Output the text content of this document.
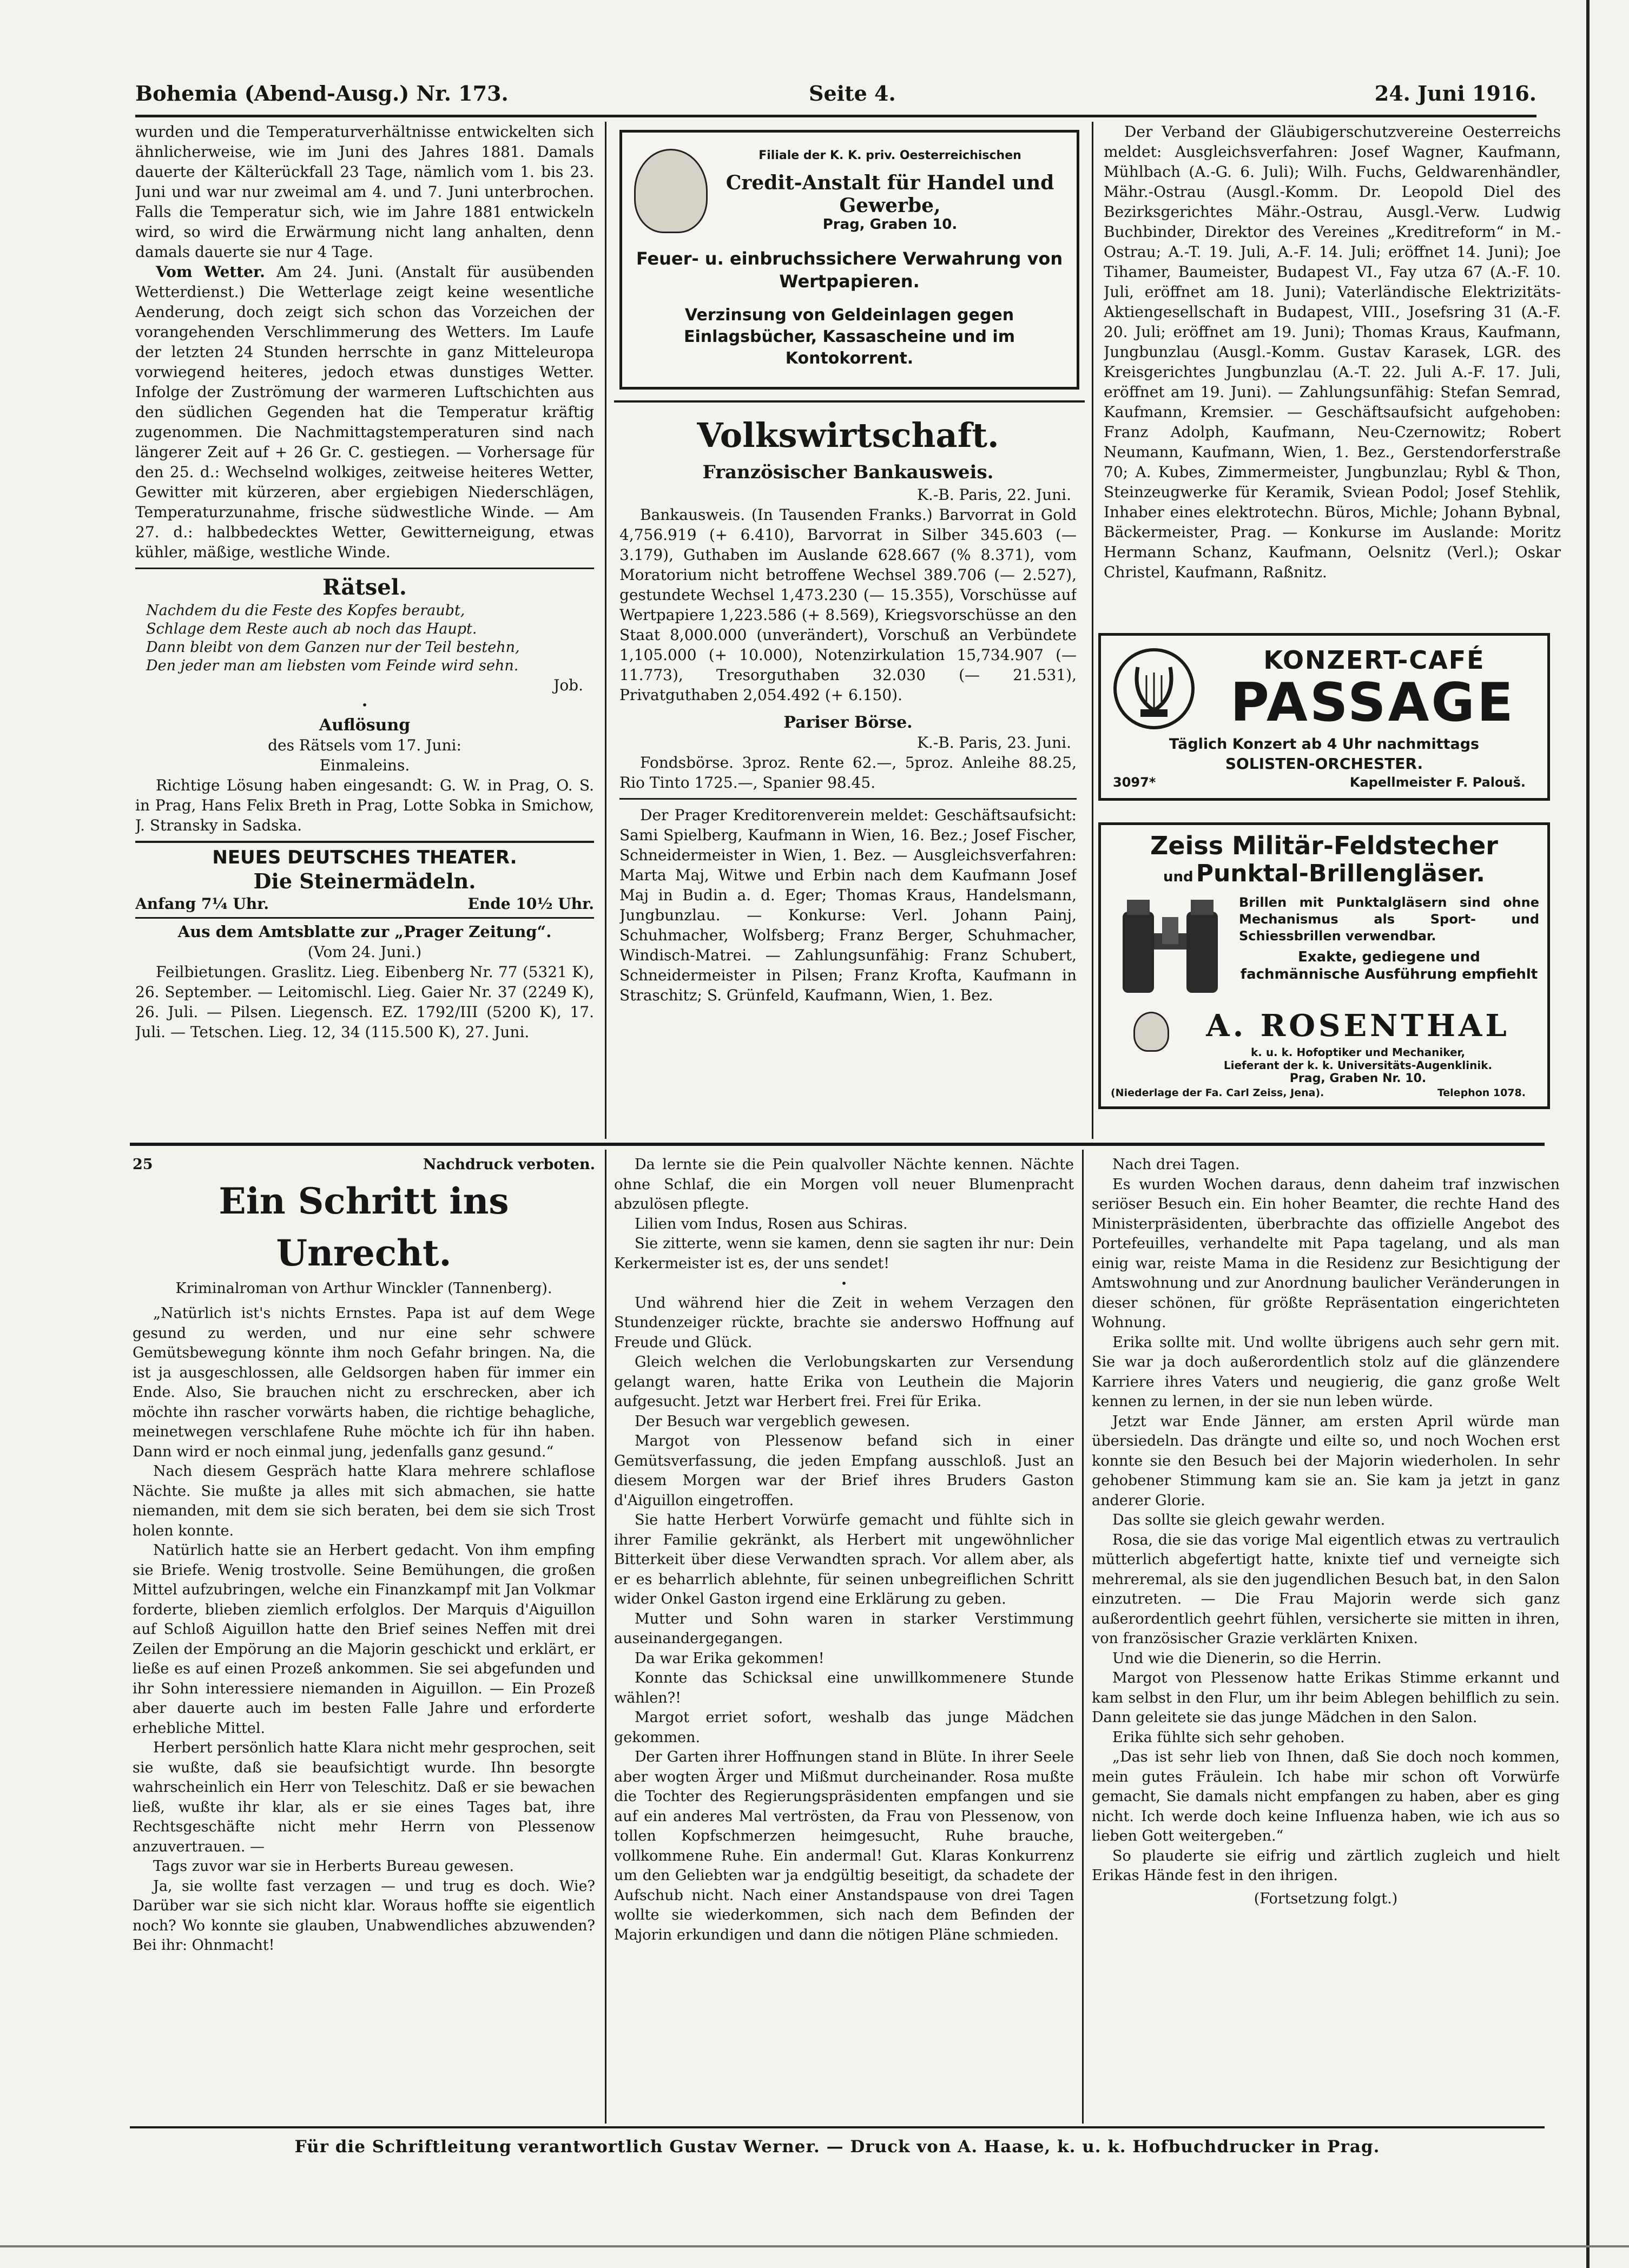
Bohemia (Abend-Ausg.) Nr. 173.	Seite 4.	24. Juni 1916.

wurden und die Temperaturverhältnisse entwickelten sich ähnlicherweise, wie im Juni des Jahres 1881. Damals dauerte der Kälterückfall 23 Tage, nämlich vom 1. bis 23. Juni und war nur zweimal am 4. und 7. Juni unterbrochen. Falls die Temperatur sich, wie im Jahre 1881 entwickeln wird, so wird die Erwärmung nicht lang anhalten, denn damals dauerte sie nur 4 Tage.

Vom Wetter. Am 24. Juni. (Anstalt für ausübenden Wetterdienst.) Die Wetterlage zeigt keine wesentliche Aenderung, doch zeigt sich schon das Vorzeichen der vorangehenden Verschlimmerung des Wetters. Im Laufe der letzten 24 Stunden herrschte in ganz Mitteleuropa vorwiegend heiteres, jedoch etwas dunstiges Wetter. Infolge der Zuströmung der warmeren Luftschichten aus den südlichen Gegenden hat die Temperatur kräftig zugenommen. Die Nachmittagstemperaturen sind nach längerer Zeit auf + 26 Gr. C. gestiegen. — Vorhersage für den 25. d.: Wechselnd wolkiges, zeitweise heiteres Wetter, Gewitter mit kürzeren, aber ergiebigen Niederschlägen, Temperaturzunahme, frische südwestliche Winde. — Am 27. d.: halbbedecktes Wetter, Gewitterneigung, etwas kühler, mäßige, westliche Winde.

Rätsel.
Nachdem du die Feste des Kopfes beraubt,
Schlage dem Reste auch ab noch das Haupt.
Dann bleibt von dem Ganzen nur der Teil bestehn,
Den jeder man am liebsten vom Feinde wird sehn.
Job.
•
Auflösung
des Rätsels vom 17. Juni:
Einmaleins.

Richtige Lösung haben eingesandt: G. W. in Prag, O. S. in Prag, Hans Felix Breth in Prag, Lotte Sobka in Smichow, J. Stransky in Sadska.

NEUES DEUTSCHES THEATER.
Die Steinermädeln.
Anfang 7¼ Uhr.	Ende 10½ Uhr.
Aus dem Amtsblatte zur „Prager Zeitung“.
(Vom 24. Juni.)

Feilbietungen. Graslitz. Lieg. Eibenberg Nr. 77 (5321 K), 26. September. — Leitomischl. Lieg. Gaier Nr. 37 (2249 K), 26. Juli. — Pilsen. Liegensch. EZ. 1792/III (5200 K), 17. Juli. — Tetschen. Lieg. 12, 34 (115.500 K), 27. Juni.

Filiale der K. K. priv. Oesterreichischen
Credit-Anstalt für Handel und Gewerbe,
Prag, Graben 10.
Feuer- u. einbruchssichere Verwahrung von Wertpapieren.
Verzinsung von Geldeinlagen gegen Einlagsbücher, Kassascheine und im Kontokorrent.
Volkswirtschaft.
Französischer Bankausweis.
K.-B. Paris, 22. Juni.

Bankausweis. (In Tausenden Franks.) Barvorrat in Gold 4,756.919 (+ 6.410), Barvorrat in Silber 345.603 (— 3.179), Guthaben im Auslande 628.667 (% 8.371), vom Moratorium nicht betroffene Wechsel 389.706 (— 2.527), gestundete Wechsel 1,473.230 (— 15.355), Vorschüsse auf Wertpapiere 1,223.586 (+ 8.569), Kriegsvorschüsse an den Staat 8,000.000 (unverändert), Vorschuß an Verbündete 1,105.000 (+ 10.000), Notenzirkulation 15,734.907 (— 11.773), Tresorguthaben 32.030 (— 21.531), Privatguthaben 2,054.492 (+ 6.150).

Pariser Börse.
K.-B. Paris, 23. Juni.

Fondsbörse. 3proz. Rente 62.—, 5proz. Anleihe 88.25, Rio Tinto 1725.—, Spanier 98.45.

Der Prager Kreditorenverein meldet: Geschäftsaufsicht: Sami Spielberg, Kaufmann in Wien, 16. Bez.; Josef Fischer, Schneidermeister in Wien, 1. Bez. — Ausgleichsverfahren: Marta Maj, Witwe und Erbin nach dem Kaufmann Josef Maj in Budin a. d. Eger; Thomas Kraus, Handelsmann, Jungbunzlau. — Konkurse: Verl. Johann Painj, Schuhmacher, Wolfsberg; Franz Berger, Schuhmacher, Windisch-Matrei. — Zahlungsunfähig: Franz Schubert, Schneidermeister in Pilsen; Franz Krofta, Kaufmann in Straschitz; S. Grünfeld, Kaufmann, Wien, 1. Bez.

Der Verband der Gläubigerschutzvereine Oesterreichs meldet: Ausgleichsverfahren: Josef Wagner, Kaufmann, Mühlbach (A.-G. 6. Juli); Wilh. Fuchs, Geldwarenhändler, Mähr.-Ostrau (Ausgl.-Komm. Dr. Leopold Diel des Bezirksgerichtes Mähr.-Ostrau, Ausgl.-Verw. Ludwig Buchbinder, Direktor des Vereines „Kreditreform“ in M.-Ostrau; A.-T. 19. Juli, A.-F. 14. Juli; eröffnet 14. Juni); Joe Tihamer, Baumeister, Budapest VI., Fay utza 67 (A.-F. 10. Juli, eröffnet am 18. Juni); Vaterländische Elektrizitäts-Aktiengesellschaft in Budapest, VIII., Josefsring 31 (A.-F. 20. Juli; eröffnet am 19. Juni); Thomas Kraus, Kaufmann, Jungbunzlau (Ausgl.-Komm. Gustav Karasek, LGR. des Kreisgerichtes Jungbunzlau (A.-T. 22. Juli A.-F. 17. Juli, eröffnet am 19. Juni). — Zahlungsunfähig: Stefan Semrad, Kaufmann, Kremsier. — Geschäftsaufsicht aufgehoben: Franz Adolph, Kaufmann, Neu-Czernowitz; Robert Neumann, Kaufmann, Wien, 1. Bez., Gerstendorferstraße 70; A. Kubes, Zimmermeister, Jungbunzlau; Rybl & Thon, Steinzeugwerke für Keramik, Sviean Podol; Josef Stehlik, Inhaber eines elektrotechn. Büros, Michle; Johann Bybnal, Bäckermeister, Prag. — Konkurse im Auslande: Moritz Hermann Schanz, Kaufmann, Oelsnitz (Verl.); Oskar Christel, Kaufmann, Raßnitz.

KONZERT-CAFÉ
PASSAGE
Täglich Konzert ab 4 Uhr nachmittags
SOLISTEN-ORCHESTER.
3097*	Kapellmeister F. Palouš.
Zeiss Militär-Feldstecher
und Punktal-Brillengläser.
Brillen mit Punktalgläsern sind ohne Mechanismus als Sport- und Schiessbrillen verwendbar.
Exakte, gediegene und fachmännische Ausführung empfiehlt
A. ROSENTHAL
k. u. k. Hofoptiker und Mechaniker,
Lieferant der k. k. Universitäts-Augenklinik.
Prag, Graben Nr. 10.
(Niederlage der Fa. Carl Zeiss, Jena).	Telephon 1078.
25	Nachdruck verboten.
Ein Schritt ins Unrecht.
Kriminalroman von Arthur Winckler (Tannenberg).

„Natürlich ist's nichts Ernstes. Papa ist auf dem Wege gesund zu werden, und nur eine sehr schwere Gemütsbewegung könnte ihm noch Gefahr bringen. Na, die ist ja ausgeschlossen, alle Geldsorgen haben für immer ein Ende. Also, Sie brauchen nicht zu erschrecken, aber ich möchte ihn rascher vorwärts haben, die richtige behagliche, meinetwegen verschlafene Ruhe möchte ich für ihn haben. Dann wird er noch einmal jung, jedenfalls ganz gesund.“

Nach diesem Gespräch hatte Klara mehrere schlaflose Nächte. Sie mußte ja alles mit sich abmachen, sie hatte niemanden, mit dem sie sich beraten, bei dem sie sich Trost holen konnte.

Natürlich hatte sie an Herbert gedacht. Von ihm empfing sie Briefe. Wenig trostvolle. Seine Bemühungen, die großen Mittel aufzubringen, welche ein Finanzkampf mit Jan Volkmar forderte, blieben ziemlich erfolglos. Der Marquis d'Aiguillon auf Schloß Aiguillon hatte den Brief seines Neffen mit drei Zeilen der Empörung an die Majorin geschickt und erklärt, er ließe es auf einen Prozeß ankommen. Sie sei abgefunden und ihr Sohn interessiere niemanden in Aiguillon. — Ein Prozeß aber dauerte auch im besten Falle Jahre und erforderte erhebliche Mittel.

Herbert persönlich hatte Klara nicht mehr gesprochen, seit sie wußte, daß sie beaufsichtigt wurde. Ihn besorgte wahrscheinlich ein Herr von Teleschitz. Daß er sie bewachen ließ, wußte ihr klar, als er sie eines Tages bat, ihre Rechtsgeschäfte nicht mehr Herrn von Plessenow anzuvertrauen. —

Tags zuvor war sie in Herberts Bureau gewesen.

Ja, sie wollte fast verzagen — und trug es doch. Wie? Darüber war sie sich nicht klar. Woraus hoffte sie eigentlich noch? Wo konnte sie glauben, Unabwendliches abzuwenden? Bei ihr: Ohnmacht!

Da lernte sie die Pein qualvoller Nächte kennen. Nächte ohne Schlaf, die ein Morgen voll neuer Blumenpracht abzulösen pflegte.

Lilien vom Indus, Rosen aus Schiras.

Sie zitterte, wenn sie kamen, denn sie sagten ihr nur: Dein Kerkermeister ist es, der uns sendet!

•

Und während hier die Zeit in wehem Verzagen den Stundenzeiger rückte, brachte sie anderswo Hoffnung auf Freude und Glück.

Gleich welchen die Verlobungskarten zur Versendung gelangt waren, hatte Erika von Leuthein die Majorin aufgesucht. Jetzt war Herbert frei. Frei für Erika.

Der Besuch war vergeblich gewesen.

Margot von Plessenow befand sich in einer Gemütsverfassung, die jeden Empfang ausschloß. Just an diesem Morgen war der Brief ihres Bruders Gaston d'Aiguillon eingetroffen.

Sie hatte Herbert Vorwürfe gemacht und fühlte sich in ihrer Familie gekränkt, als Herbert mit ungewöhnlicher Bitterkeit über diese Verwandten sprach. Vor allem aber, als er es beharrlich ablehnte, für seinen unbegreiflichen Schritt wider Onkel Gaston irgend eine Erklärung zu geben.

Mutter und Sohn waren in starker Verstimmung auseinandergegangen.

Da war Erika gekommen!

Konnte das Schicksal eine unwillkommenere Stunde wählen?!

Margot erriet sofort, weshalb das junge Mädchen gekommen.

Der Garten ihrer Hoffnungen stand in Blüte. In ihrer Seele aber wogten Ärger und Mißmut durcheinander. Rosa mußte die Tochter des Regierungspräsidenten empfangen und sie auf ein anderes Mal vertrösten, da Frau von Plessenow, von tollen Kopfschmerzen heimgesucht, Ruhe brauche, vollkommene Ruhe. Ein andermal! Gut. Klaras Konkurrenz um den Geliebten war ja endgültig beseitigt, da schadete der Aufschub nicht. Nach einer Anstandspause von drei Tagen wollte sie wiederkommen, sich nach dem Befinden der Majorin erkundigen und dann die nötigen Pläne schmieden.

Nach drei Tagen.

Es wurden Wochen daraus, denn daheim traf inzwischen seriöser Besuch ein. Ein hoher Beamter, die rechte Hand des Ministerpräsidenten, überbrachte das offizielle Angebot des Portefeuilles, verhandelte mit Papa tagelang, und als man einig war, reiste Mama in die Residenz zur Besichtigung der Amtswohnung und zur Anordnung baulicher Veränderungen in dieser schönen, für größte Repräsentation eingerichteten Wohnung.

Erika sollte mit. Und wollte übrigens auch sehr gern mit. Sie war ja doch außerordentlich stolz auf die glänzendere Karriere ihres Vaters und neugierig, die ganz große Welt kennen zu lernen, in der sie nun leben würde.

Jetzt war Ende Jänner, am ersten April würde man übersiedeln. Das drängte und eilte so, und noch Wochen erst konnte sie den Besuch bei der Majorin wiederholen. In sehr gehobener Stimmung kam sie an. Sie kam ja jetzt in ganz anderer Glorie.

Das sollte sie gleich gewahr werden.

Rosa, die sie das vorige Mal eigentlich etwas zu vertraulich mütterlich abgefertigt hatte, knixte tief und verneigte sich mehreremal, als sie den jugendlichen Besuch bat, in den Salon einzutreten. — Die Frau Majorin werde sich ganz außerordentlich geehrt fühlen, versicherte sie mitten in ihren, von französischer Grazie verklärten Knixen.

Und wie die Dienerin, so die Herrin.

Margot von Plessenow hatte Erikas Stimme erkannt und kam selbst in den Flur, um ihr beim Ablegen behilflich zu sein. Dann geleitete sie das junge Mädchen in den Salon.

Erika fühlte sich sehr gehoben.

„Das ist sehr lieb von Ihnen, daß Sie doch noch kommen, mein gutes Fräulein. Ich habe mir schon oft Vorwürfe gemacht, Sie damals nicht empfangen zu haben, aber es ging nicht. Ich werde doch keine Influenza haben, wie ich aus so lieben Gott weitergeben.“

So plauderte sie eifrig und zärtlich zugleich und hielt Erikas Hände fest in den ihrigen.

(Fortsetzung folgt.)
Für die Schriftleitung verantwortlich Gustav Werner. — Druck von A. Haase, k. u. k. Hofbuchdrucker in Prag.
